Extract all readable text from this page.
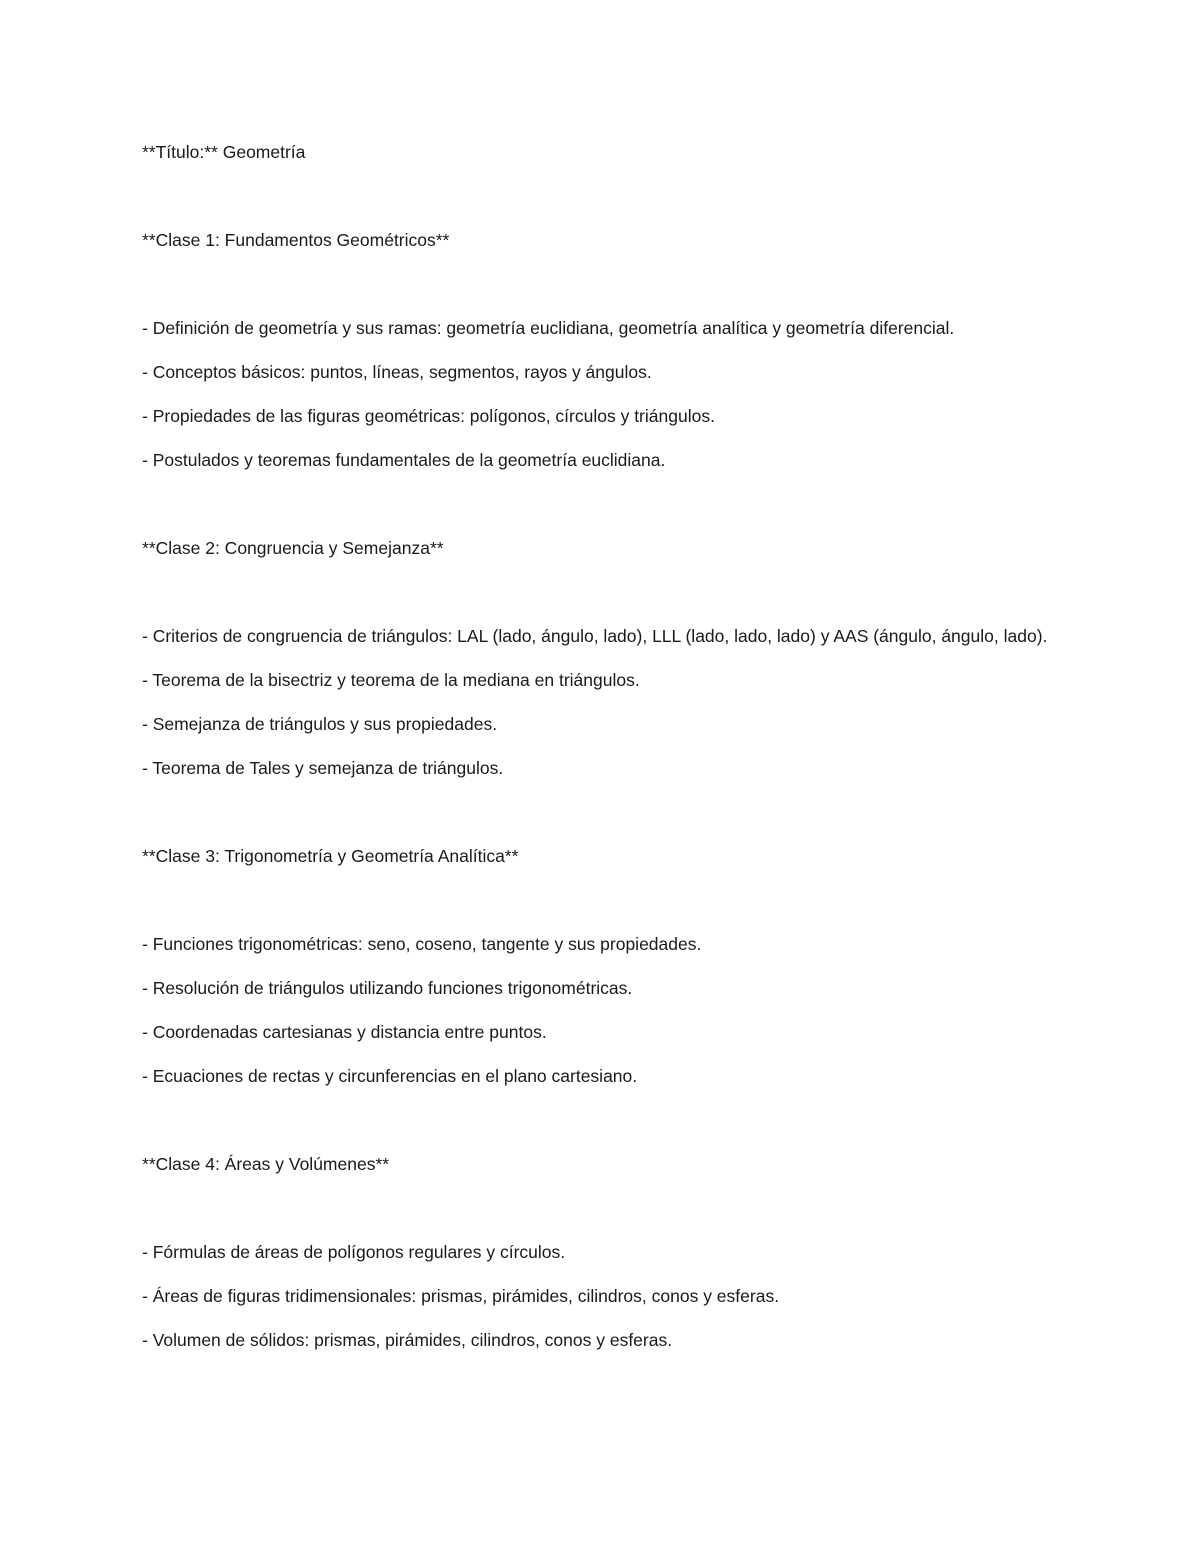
**Título:** Geometría

**Clase 1: Fundamentos Geométricos**

- Definición de geometría y sus ramas: geometría euclidiana, geometría analítica y geometría diferencial.

- Conceptos básicos: puntos, líneas, segmentos, rayos y ángulos.

- Propiedades de las figuras geométricas: polígonos, círculos y triángulos.

- Postulados y teoremas fundamentales de la geometría euclidiana.

**Clase 2: Congruencia y Semejanza**

- Criterios de congruencia de triángulos: LAL (lado, ángulo, lado), LLL (lado, lado, lado) y AAS (ángulo, ángulo, lado).

- Teorema de la bisectriz y teorema de la mediana en triángulos.

- Semejanza de triángulos y sus propiedades.

- Teorema de Tales y semejanza de triángulos.

**Clase 3: Trigonometría y Geometría Analítica**

- Funciones trigonométricas: seno, coseno, tangente y sus propiedades.

- Resolución de triángulos utilizando funciones trigonométricas.

- Coordenadas cartesianas y distancia entre puntos.

- Ecuaciones de rectas y circunferencias en el plano cartesiano.

**Clase 4: Áreas y Volúmenes**

- Fórmulas de áreas de polígonos regulares y círculos.

- Áreas de figuras tridimensionales: prismas, pirámides, cilindros, conos y esferas.

- Volumen de sólidos: prismas, pirámides, cilindros, conos y esferas.
